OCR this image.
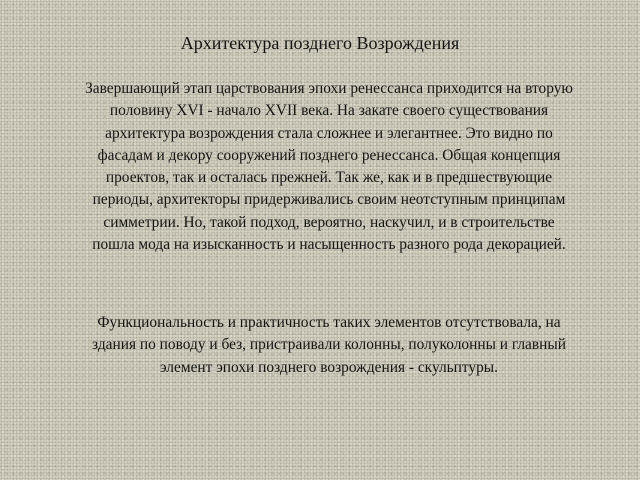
Архитектура позднего Возрождения

Завершающий этап царствования эпохи ренессанса приходится на вторую половину XVI - начало XVII века. На закате своего существования архитектура возрождения стала сложнее и элегантнее. Это видно по фасадам и декору сооружений позднего ренессанса. Общая концепция проектов, так и осталась прежней. Так же, как и в предшествующие периоды, архитекторы придерживались своим неотступным принципам симметрии. Но, такой подход, вероятно, наскучил, и в строительстве пошла мода на изысканность и насыщенность разного рода декорацией.

Функциональность и практичность таких элементов отсутствовала, на здания по поводу и без, пристраивали колонны, полуколонны и главный элемент эпохи позднего возрождения - скульптуры.
